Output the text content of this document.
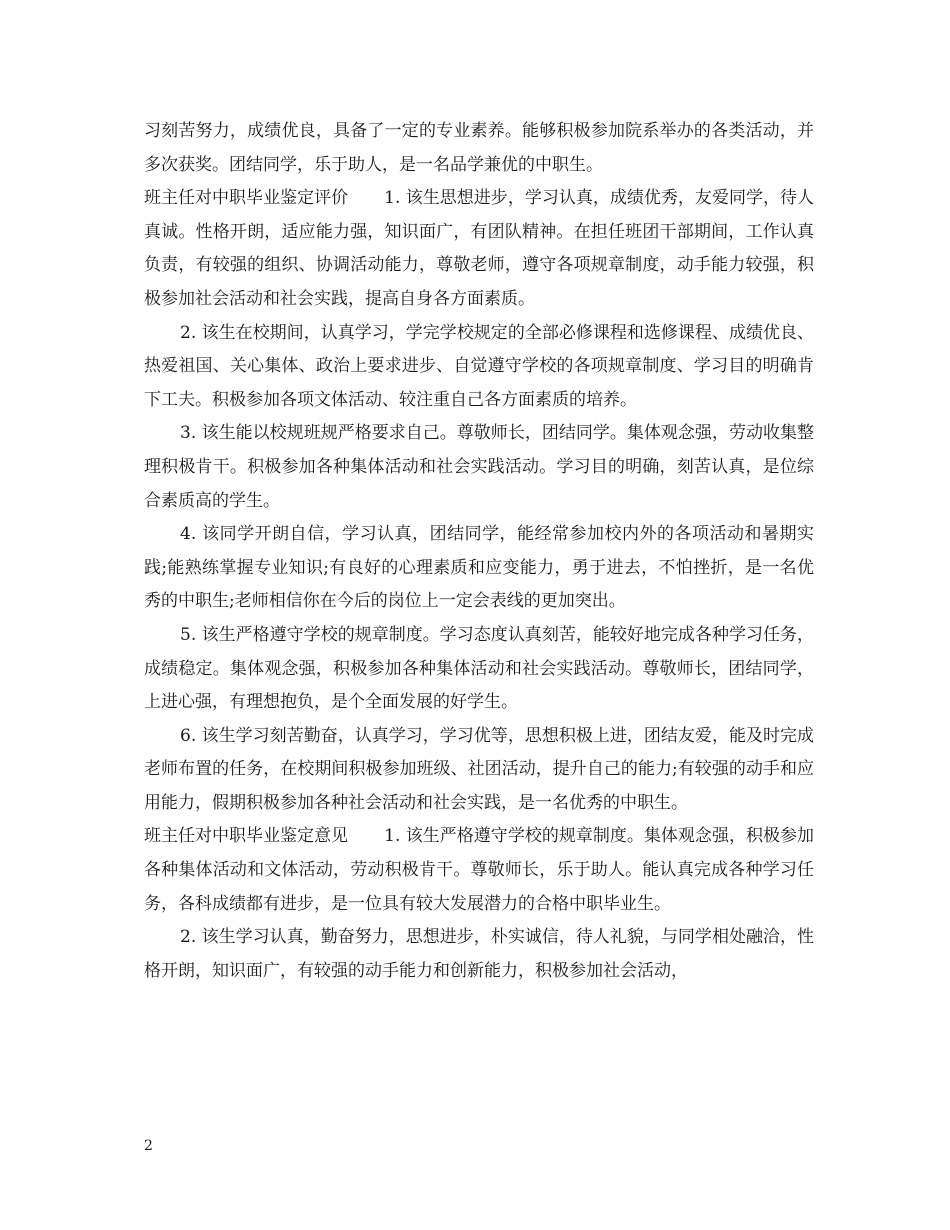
习刻苦努力，成绩优良，具备了一定的专业素养。能够积极参加院系举办的各类活动，并多次获奖。团结同学，乐于助人，是一名品学兼优的中职生。

班主任对中职毕业鉴定评价 1. 该生思想进步，学习认真，成绩优秀，友爱同学，待人真诚。性格开朗，适应能力强，知识面广，有团队精神。在担任班团干部期间，工作认真负责，有较强的组织、协调活动能力，尊敬老师，遵守各项规章制度，动手能力较强，积极参加社会活动和社会实践，提高自身各方面素质。

2. 该生在校期间，认真学习，学完学校规定的全部必修课程和选修课程、成绩优良、热爱祖国、关心集体、政治上要求进步、自觉遵守学校的各项规章制度、学习目的明确肯下工夫。积极参加各项文体活动、较注重自己各方面素质的培养。

3. 该生能以校规班规严格要求自己。尊敬师长，团结同学。集体观念强，劳动收集整理积极肯干。积极参加各种集体活动和社会实践活动。学习目的明确，刻苦认真，是位综合素质高的学生。

4. 该同学开朗自信，学习认真，团结同学，能经常参加校内外的各项活动和暑期实践;能熟练掌握专业知识;有良好的心理素质和应变能力，勇于进去，不怕挫折，是一名优秀的中职生;老师相信你在今后的岗位上一定会表线的更加突出。

5. 该生严格遵守学校的规章制度。学习态度认真刻苦，能较好地完成各种学习任务，成绩稳定。集体观念强，积极参加各种集体活动和社会实践活动。尊敬师长，团结同学，上进心强，有理想抱负，是个全面发展的好学生。

6. 该生学习刻苦勤奋，认真学习，学习优等，思想积极上进，团结友爱，能及时完成老师布置的任务，在校期间积极参加班级、社团活动，提升自己的能力;有较强的动手和应用能力，假期积极参加各种社会活动和社会实践，是一名优秀的中职生。

班主任对中职毕业鉴定意见 1. 该生严格遵守学校的规章制度。集体观念强，积极参加各种集体活动和文体活动，劳动积极肯干。尊敬师长，乐于助人。能认真完成各种学习任务，各科成绩都有进步，是一位具有较大发展潜力的合格中职毕业生。

2. 该生学习认真，勤奋努力，思想进步，朴实诚信，待人礼貌，与同学相处融洽，性格开朗，知识面广，有较强的动手能力和创新能力，积极参加社会活动，

2
